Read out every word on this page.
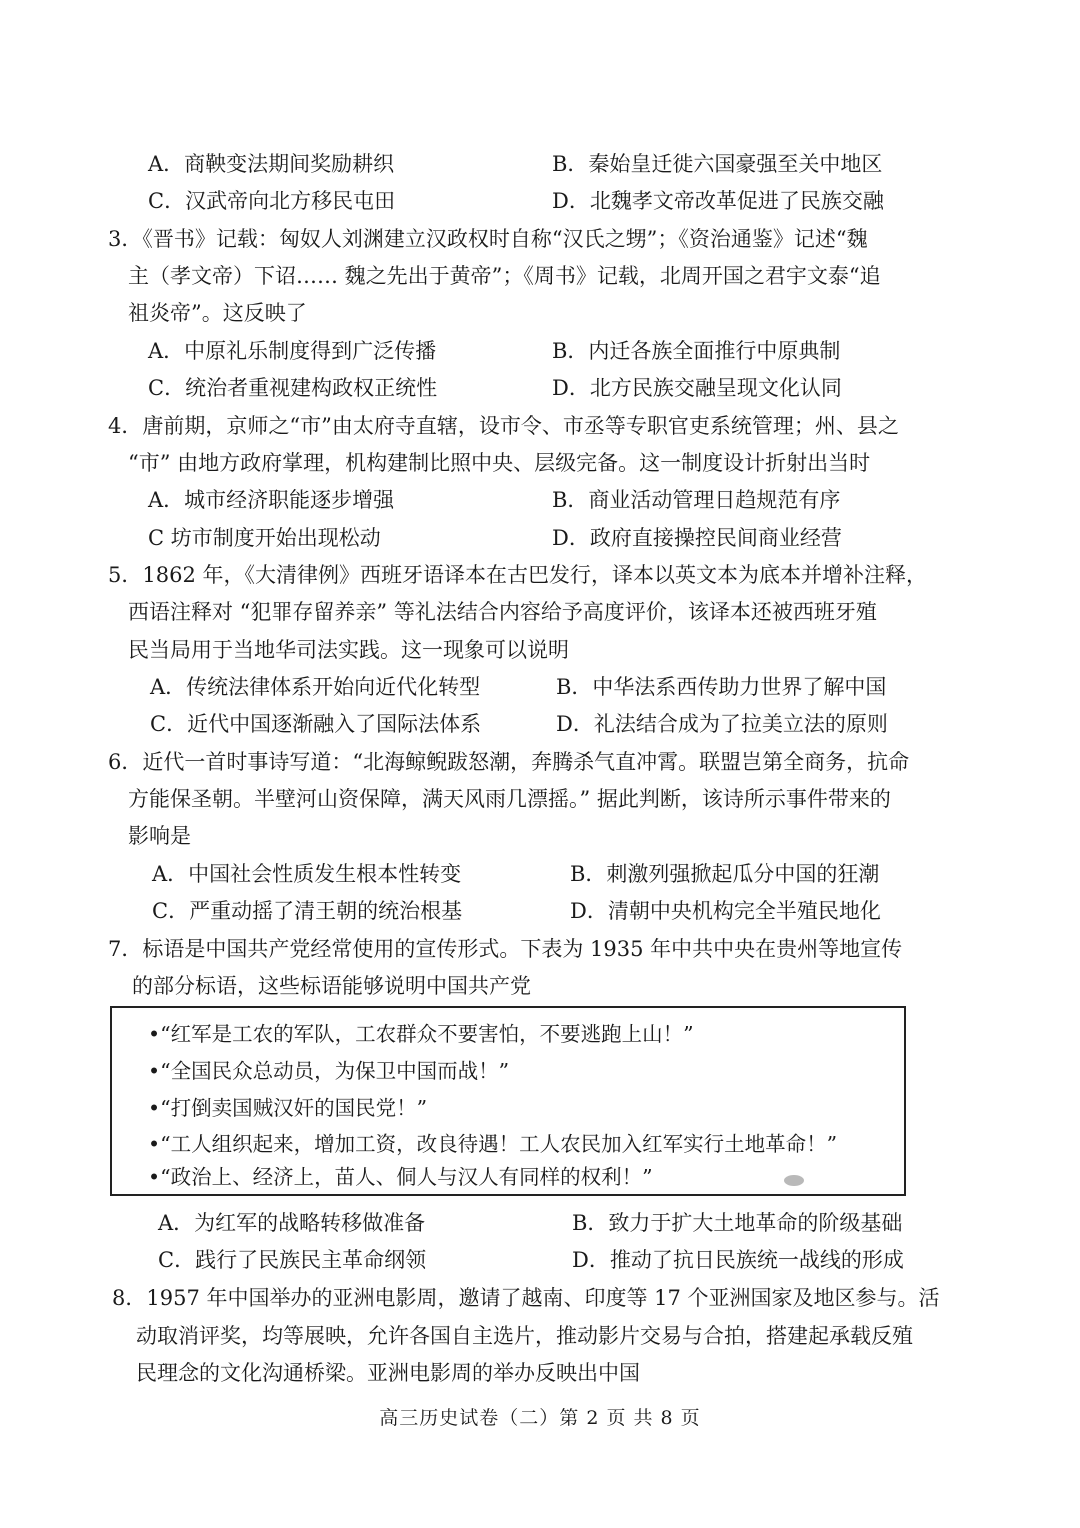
A．商鞅变法期间奖励耕织	B．秦始皇迁徙六国豪强至关中地区
C．汉武帝向北方移民屯田	D．北魏孝文帝改革促进了民族交融
3．《晋书》记载：匈奴人刘渊建立汉政权时自称“汉氏之甥”；《资治通鉴》记述“魏
主（孝文帝）下诏…… 魏之先出于黄帝”；《周书》记载，北周开国之君宇文泰“追
祖炎帝”。这反映了
A．中原礼乐制度得到广泛传播	B．内迁各族全面推行中原典制
C．统治者重视建构政权正统性	D．北方民族交融呈现文化认同
4．唐前期，京师之“市”由太府寺直辖，设市令、市丞等专职官吏系统管理；州、县之
“市” 由地方政府掌理，机构建制比照中央、层级完备。这一制度设计折射出当时
A．城市经济职能逐步增强	B．商业活动管理日趋规范有序
C 坊市制度开始出现松动	D．政府直接操控民间商业经营
5．1862 年，《大清律例》西班牙语译本在古巴发行，译本以英文本为底本并增补注释，
西语注释对 “犯罪存留养亲” 等礼法结合内容给予高度评价，该译本还被西班牙殖
民当局用于当地华司法实践。这一现象可以说明
A．传统法律体系开始向近代化转型	B．中华法系西传助力世界了解中国
C．近代中国逐渐融入了国际法体系	D．礼法结合成为了拉美立法的原则
6．近代一首时事诗写道：“北海鲸鲵跋怒潮，奔腾杀气直冲霄。联盟岂第全商务，抗命
方能保圣朝。半壁河山资保障，满天风雨几漂摇。” 据此判断，该诗所示事件带来的
影响是
A．中国社会性质发生根本性转变	B．刺激列强掀起瓜分中国的狂潮
C．严重动摇了清王朝的统治根基	D．清朝中央机构完全半殖民地化
7．标语是中国共产党经常使用的宣传形式。下表为 1935 年中共中央在贵州等地宣传
的部分标语，这些标语能够说明中国共产党
•“红军是工农的军队，工农群众不要害怕，不要逃跑上山！”
•“全国民众总动员，为保卫中国而战！”
•“打倒卖国贼汉奸的国民党！”
•“工人组织起来，增加工资，改良待遇！工人农民加入红军实行土地革命！”
•“政治上、经济上，苗人、侗人与汉人有同样的权利！”
A．为红军的战略转移做准备	B．致力于扩大土地革命的阶级基础
C．践行了民族民主革命纲领	D．推动了抗日民族统一战线的形成
8．1957 年中国举办的亚洲电影周，邀请了越南、印度等 17 个亚洲国家及地区参与。活
动取消评奖，均等展映，允许各国自主选片，推动影片交易与合拍，搭建起承载反殖
民理念的文化沟通桥梁。亚洲电影周的举办反映出中国
高三历史试卷（二）第 2 页 共 8 页
